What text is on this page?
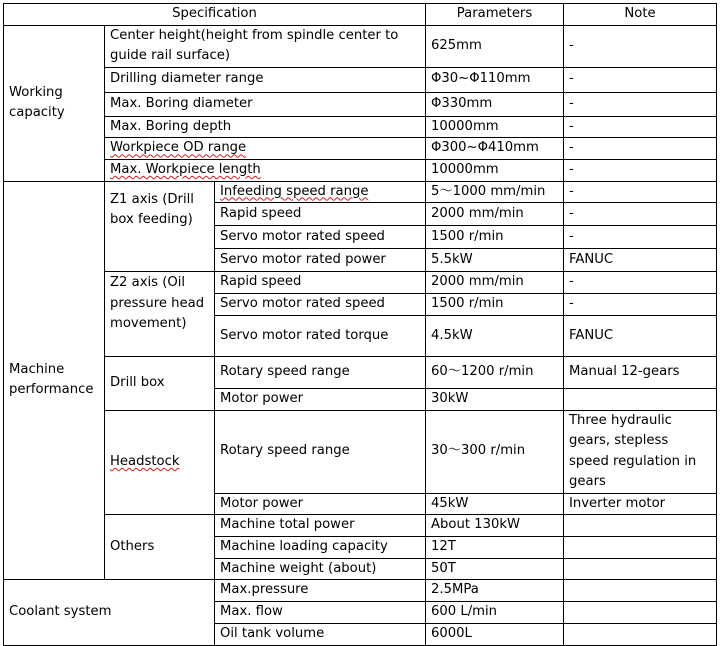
Specification			Parameters	Note
Working capacity	Center height(height from spindle center to guide rail surface)		625mm	-
	Drilling diameter range		Φ30~Φ110mm	-
	Max. Boring diameter		Φ330mm	-
	Max. Boring depth		10000mm	-
	Workpiece OD range		Φ300~Φ410mm	-
	Max. Workpiece length		10000mm	-
Machine performance	Z1 axis (Drill box feeding)	Infeeding speed range	5～1000 mm/min	-
		Rapid speed	2000 mm/min	-
		Servo motor rated speed	1500 r/min	-
		Servo motor rated power	5.5kW	FANUC
	Z2 axis (Oil pressure head movement)	Rapid speed	2000 mm/min	-
		Servo motor rated speed	1500 r/min	-
		Servo motor rated torque	4.5kW	FANUC
	Drill box	Rotary speed range	60～1200 r/min	Manual 12-gears
		Motor power	30kW	
	Headstock	Rotary speed range	30～300 r/min	Three hydraulic gears, stepless speed regulation in gears
		Motor power	45kW	Inverter motor
	Others	Machine total power	About 130kW	
		Machine loading capacity	12T	
		Machine weight (about)	50T	
Coolant system		Max.pressure	2.5MPa	
		Max. flow	600 L/min	
		Oil tank volume	6000L	
